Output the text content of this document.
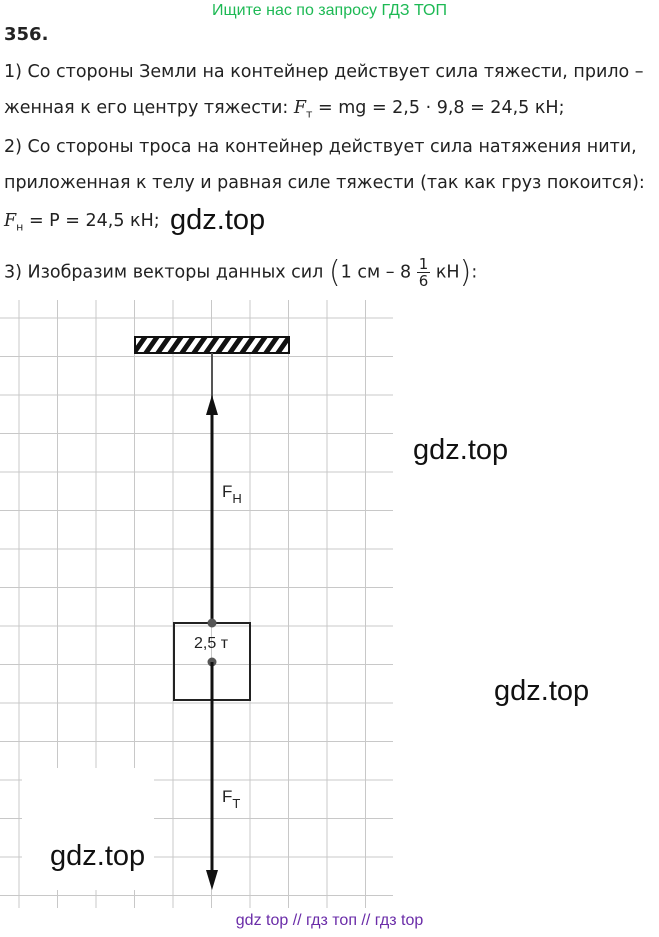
Ищите нас по запросу ГДЗ ТОП
356.
1) Со стороны Земли на контейнер действует сила тяжести, прило –
женная к его центру тяжести: $F_т$ = mg = 2,5 · 9,8 = 24,5 кН;
2) Со стороны троса на контейнер действует сила натяжения нити,
приложенная к телу и равная силе тяжести (так как груз покоится):
$F_н = P = 24,5$ кН; gdz.top
3) Изобразим векторы данных сил (1 см – $8 \frac{1}{6} кН$):
$F_Н$
2,5 т
$F_Т$
gdz.top
gdz.top
gdz.top
gdz top // гдз топ // гдз top
